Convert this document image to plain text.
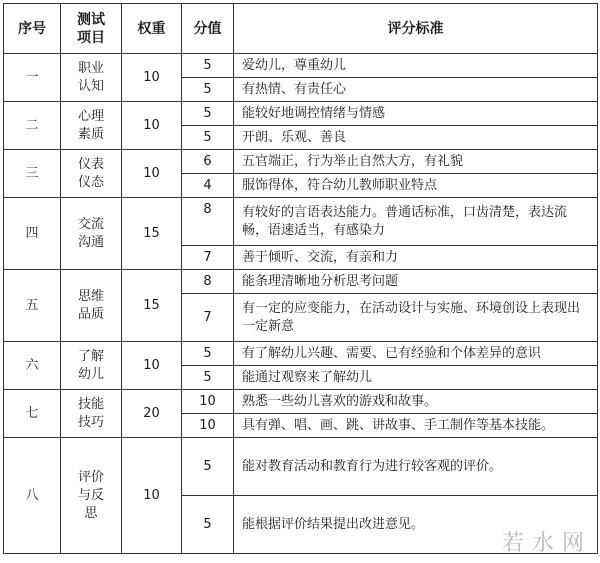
序号	测试项目	权重	分值	评分标准
一	职业认知	10	5	爱幼儿，尊重幼儿
			5	有热情、有责任心
二	心理素质	10	5	能较好地调控情绪与情感
			5	开朗、乐观、善良
三	仪表仪态	10	6	五官端正，行为举止自然大方，有礼貌
			4	服饰得体，符合幼儿教师职业特点
四	交流沟通	15	8	有较好的言语表达能力。普通话标准，口齿清楚，表达流畅，语速适当，有感染力
			7	善于倾听、交流，有亲和力
五	思维品质	15	8	能条理清晰地分析思考问题
			7	有一定的应变能力，在活动设计与实施、环境创设上表现出一定新意
六	了解幼儿	10	5	有了解幼儿兴趣、需要、已有经验和个体差异的意识
			5	能通过观察来了解幼儿
七	技能技巧	20	10	熟悉一些幼儿喜欢的游戏和故事。
			10	具有弹、唱、画、跳、讲故事、手工制作等基本技能。
八	评价与反思	10	5	能对教育活动和教育行为进行较客观的评价。
			5	能根据评价结果提出改进意见。
若水网
